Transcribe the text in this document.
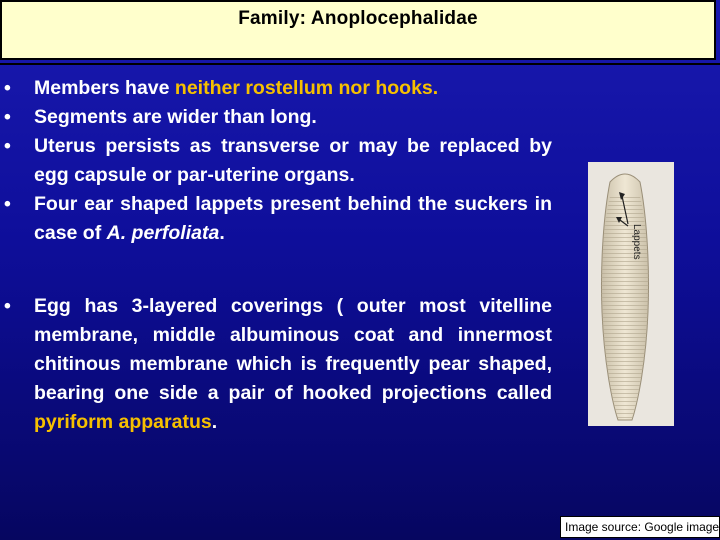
Family: Anoplocephalidae
• Members have neither rostellum nor hooks.
• Segments are wider than long.
• Uterus persists as transverse or may be replaced by egg capsule or par-uterine organs.
• Four ear shaped lappets present behind the suckers in case of A. perfoliata.
• Egg has 3-layered coverings ( outer most vitelline membrane, middle albuminous coat and innermost chitinous membrane which is frequently pear shaped, bearing one side a pair of hooked projections called pyriform apparatus.
Lappets
Image source: Google image
